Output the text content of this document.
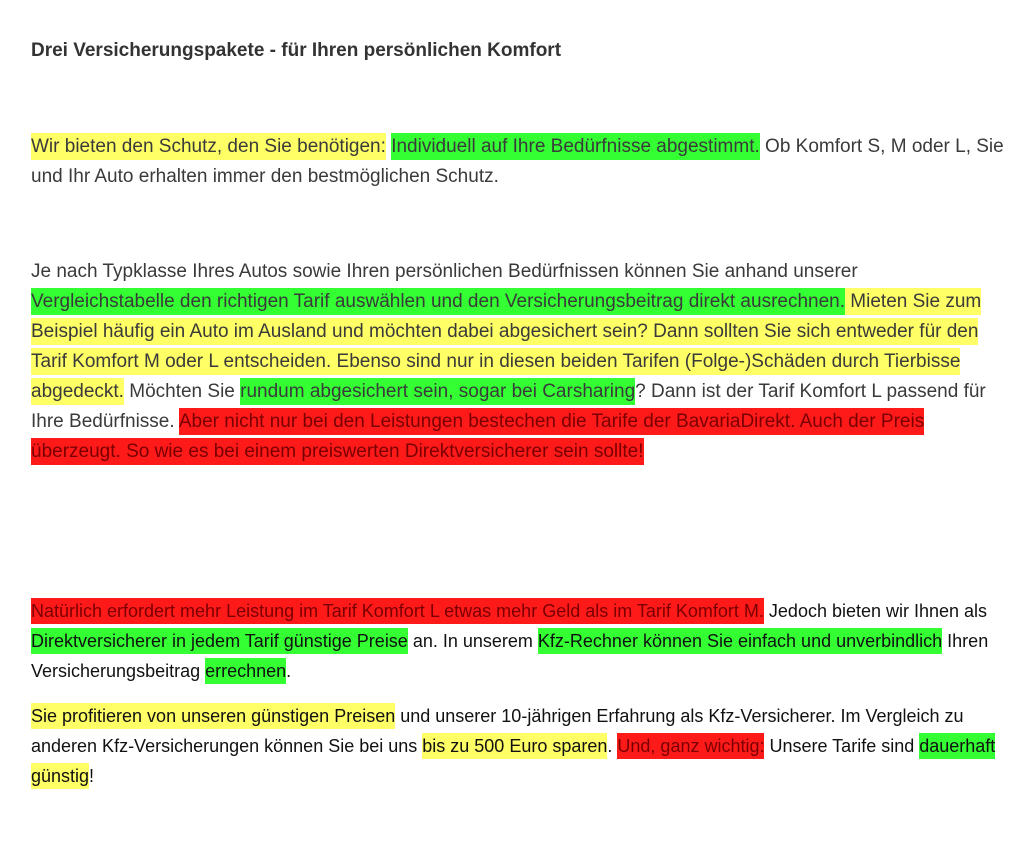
Drei Versicherungspakete - für Ihren persönlichen Komfort

Wir bieten den Schutz, den Sie benötigen: Individuell auf Ihre Bedürfnisse abgestimmt. Ob Komfort S, M oder L, Sie und Ihr Auto erhalten immer den bestmöglichen Schutz.

Je nach Typklasse Ihres Autos sowie Ihren persönlichen Bedürfnissen können Sie anhand unserer Vergleichstabelle den richtigen Tarif auswählen und den Versicherungsbeitrag direkt ausrechnen. Mieten Sie zum Beispiel häufig ein Auto im Ausland und möchten dabei abgesichert sein? Dann sollten Sie sich entweder für den Tarif Komfort M oder L entscheiden. Ebenso sind nur in diesen beiden Tarifen (Folge-)Schäden durch Tierbisse abgedeckt. Möchten Sie rundum abgesichert sein, sogar bei Carsharing? Dann ist der Tarif Komfort L passend für Ihre Bedürfnisse. Aber nicht nur bei den Leistungen bestechen die Tarife der BavariaDirekt. Auch der Preis überzeugt. So wie es bei einem preiswerten Direktversicherer sein sollte!

Natürlich erfordert mehr Leistung im Tarif Komfort L etwas mehr Geld als im Tarif Komfort M. Jedoch bieten wir Ihnen als Direktversicherer in jedem Tarif günstige Preise an. In unserem Kfz-Rechner können Sie einfach und unverbindlich Ihren Versicherungsbeitrag errechnen.

Sie profitieren von unseren günstigen Preisen und unserer 10-jährigen Erfahrung als Kfz-Versicherer. Im Vergleich zu anderen Kfz-Versicherungen können Sie bei uns bis zu 500 Euro sparen. Und, ganz wichtig: Unsere Tarife sind dauerhaft günstig!
